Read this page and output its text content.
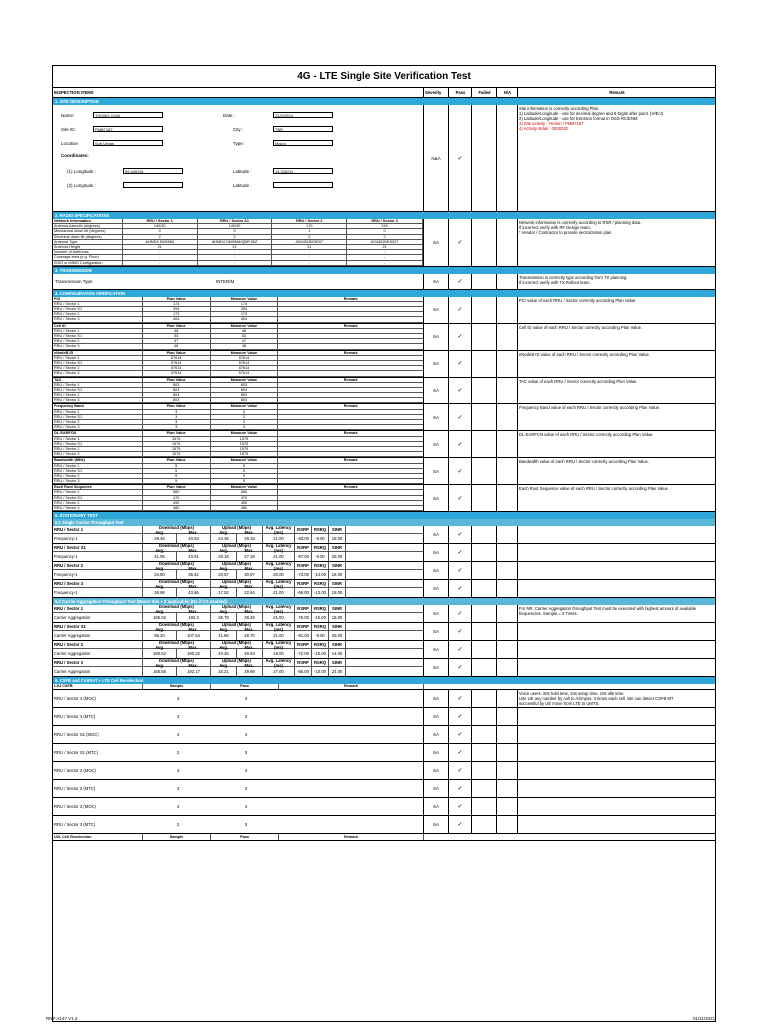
4G - LTE Single Site Verification Test
INSPECTION ITEMS	Severity	Pass	Failed	N/A	Remark
1. SITE DESCRIPTION
Name:	THONG CHAI	Date :	22/3/2024
Site ID:	PMB7187	City :	TBR
Location	Sub Urban	Type :	Macro
Coordinates:
(1) Longitude :	99.449251	Latitude :	15.328211
(2) Longitude :	Latitude :
N&A	✓
Site information is correctly according Plan.
1) Latitude/Longitude - use for decimal degree and 6 Digits after point. (H/E/J)
2) Latitude/Longitude - use for Ericsson format in OSS-RC/ENM
3) Site activity : Yerlarn / PMB7187
4) Activity detail : 0000230
2. RADIO SPECIFICATIONS
Network Information	RRU / Sector 1	RRU / Sector S1	RRU / Sector 2	RRU / Sector 3
Antenna Azimuth (degrees)	140/30	140/30	170	249
Mechanical down tilt (degrees)	0	0	1	0
Electrical down tilt (degrees)	2	2	2	2
Antenna Type	AHMD4 DM0966	AHMD4 DM0966/QBR 65Z	AS4451BK3D07	AS4451BK3D07
Antenna Height	21	21	21	21
Number of Antennas	-	-	-	-
Coverage area (e.g. Floor)	-	-	-	-
SISO or MIMO Configuration	-	-	-	-
SA	✓
Network information is correctly according to RSR / planning data.
If incorrect verify with RF Design team.
* Vendor / Contractor to provide sectorization plan
3. TRANSMISSION
Transmission Type	INTER/M	SA	✓
Transmission is correctly type according from TX planning.
If incorrect verify with TX Rollout team.
4. CONFIGURATION VERIFICATION
PCI	Plan Value	Measure Value	Remark
RRU / Sector 1	174	174
RRU / Sector S1	394	394
RRU / Sector 2	173	173
RRU / Sector 3	404	404
SA	✓
PCI value of each RRU / Sector correctly according Plan Value.
Cell ID	Plan Value	Measure Value	Remark
RRU / Sector 1	48	48
RRU / Sector S1	53	53
RRU / Sector 2	47	47
RRU / Sector 3	48	48
SA	✓
Cell ID value of each RRU / Sector correctly according Plan Value.
eNodeB ID	Plan Value	Measure Value	Remark
RRU / Sector 1	57614	57614
RRU / Sector S1	57614	57614
RRU / Sector 2	57614	57614
RRU / Sector 3	57614	57614
SA	✓
eNodeB ID value of each RRU / Sector correctly according Plan Value.
TAC	Plan Value	Measure Value	Remark
RRU / Sector 1	803	803
RRU / Sector S1	803	803
RRU / Sector 2	803	803
RRU / Sector 3	803	803
SA	✓
TAC value of each RRU / Sector correctly according Plan Value.
Frequency Band	Plan Value	Measure Value	Remark
RRU / Sector 1	3	3
RRU / Sector S1	3	3
RRU / Sector 2	3	3
RRU / Sector 3	3	3
SA	✓
Frequency Band value of each RRU / Sector correctly according Plan Value.
DL-EARFCN	Plan Value	Measure Value	Remark
RRU / Sector 1	1575	1575
RRU / Sector S1	1575	1575
RRU / Sector 2	1575	1575
RRU / Sector 3	1575	1575
SA	✓
DL-EARFCN value of each RRU / Sector correctly according Plan Value.
Bandwidth (MHz)	Plan Value	Measure Value	Remark
RRU / Sector 1	5	5
RRU / Sector S1	5	5
RRU / Sector 2	5	5
RRU / Sector 3	5	5
SA	✓
Bandwidth value of each RRU / Sector correctly according Plan Value.
Each Root Sequence	Plan Value	Measure Value	Remark
RRU / Sector 1	560	560
RRU / Sector S1	470	470
RRU / Sector 2	490	490
RRU / Sector 3	480	480
SA	✓
Each Root Sequence value of each RRU / Sector correctly according Plan Value.
5. STATIONARY TEST
5.1 Single Carrier Throughput Test
RRU / Sector 1	Download (Mbps)
Avg.	Max.
Upload (Mbps)
Avg.	Max.
Avg. Latency (ms)	RSRP	RSRQ	SINR
Frequency-1	29.46	40.53	24.36	28.18	21.00	-83.00	-9.00	18.00
SA	✓
RRU / Sector S1	Download (Mbps)
Avg.	Max.
Upload (Mbps)
Avg.	Max.
Avg. Latency (ms)	RSRP	RSRQ	SINR
Frequency-1	41.05	43.91	20.16	27.18	21.00	-67.00	-9.00	25.00
SA	✓
RRU / Sector 2	Download (Mbps)
Avg.	Max.
Upload (Mbps)
Avg.	Max.
Avg. Latency (ms)	RSRP	RSRQ	SINR
Frequency-1	34.60	35.42	20.57	30.87	20.00	-73.00	-14.00	16.00
SA	✓
RRU / Sector 3	Download (Mbps)
Avg.	Max.
Upload (Mbps)
Avg.	Max.
Avg. Latency (ms)	RSRP	RSRQ	SINR
Frequency-1	36.68	43.66	17.52	22.64	21.00	-69.00	-13.00	18.00
SA	✓
5.2 Carrier Aggregation Throughput Test (Macro Site + If applicable) (Do if CA enabled)
RRU / Sector 1	Download (Mbps)
Avg.	Max.
Upload (Mbps)
Avg.	Max.
Avg. Latency (ms)	RSRP	RSRQ	SINR
Carrier Aggregation	185.02	192.3	35.78	39.29	21.00	-76.00	-10.00	18.00
SA	✓
For NR, Carrier Aggregation throughput Test must be executed with highest amount of available frequencies. Sample = 3 Times.
RRU / Sector S1	Download (Mbps)
Avg.	Max.
Upload (Mbps)
Avg.	Max.
Avg. Latency (ms)	RSRP	RSRQ	SINR
Carrier Aggregation	96.20	107.54	41.86	48.70	21.00	-61.00	-9.00	25.00
SA	✓
RRU / Sector 2	Download (Mbps)
Avg.	Max.
Upload (Mbps)
Avg.	Max.
Avg. Latency (ms)	RSRP	RSRQ	SINR
Carrier Aggregation	180.52	190.32	40.46	49.63	19.00	-72.00	-10.00	14.00
SA	✓
RRU / Sector 3	Download (Mbps)
Avg.	Max.
Upload (Mbps)
Avg.	Max.
Avg. Latency (ms)	RSRP	RSRQ	SINR
Carrier Aggregation	165.55	192.17	34.21	39.69	27.00	-66.00	-10.00	24.00
SA	✓
6. CSFB and CA/IRAT + LTE Cell Reselection
L2U CSFB	Sample	Pass	Remark
RRU / Sector 1 (MOC)	3	3	SA	✓
Voice users: 20s hold time, 10s setup time, 10s idle time.
Use UE any number by call to Azimpos, 3 times each cell. We can detect CSFB MT
successful by UE move from LTE to UMTS.
RRU / Sector 1 (MTC)	3	3	SA	✓
RRU / Sector S1 (MOC)	3	3	SA	✓
RRU / Sector S1 (MTC)	3	3	SA	✓
RRU / Sector 2 (MOC)	3	3	SA	✓
RRU / Sector 2 (MTC)	3	3	SA	✓
RRU / Sector 3 (MOC)	3	3	SA	✓
RRU / Sector 3 (MTC)	3	3	SA	✓
U2L Cell Reselection	Sample	Pass	Remark
RNP A147 V1.2	01/11/2021
